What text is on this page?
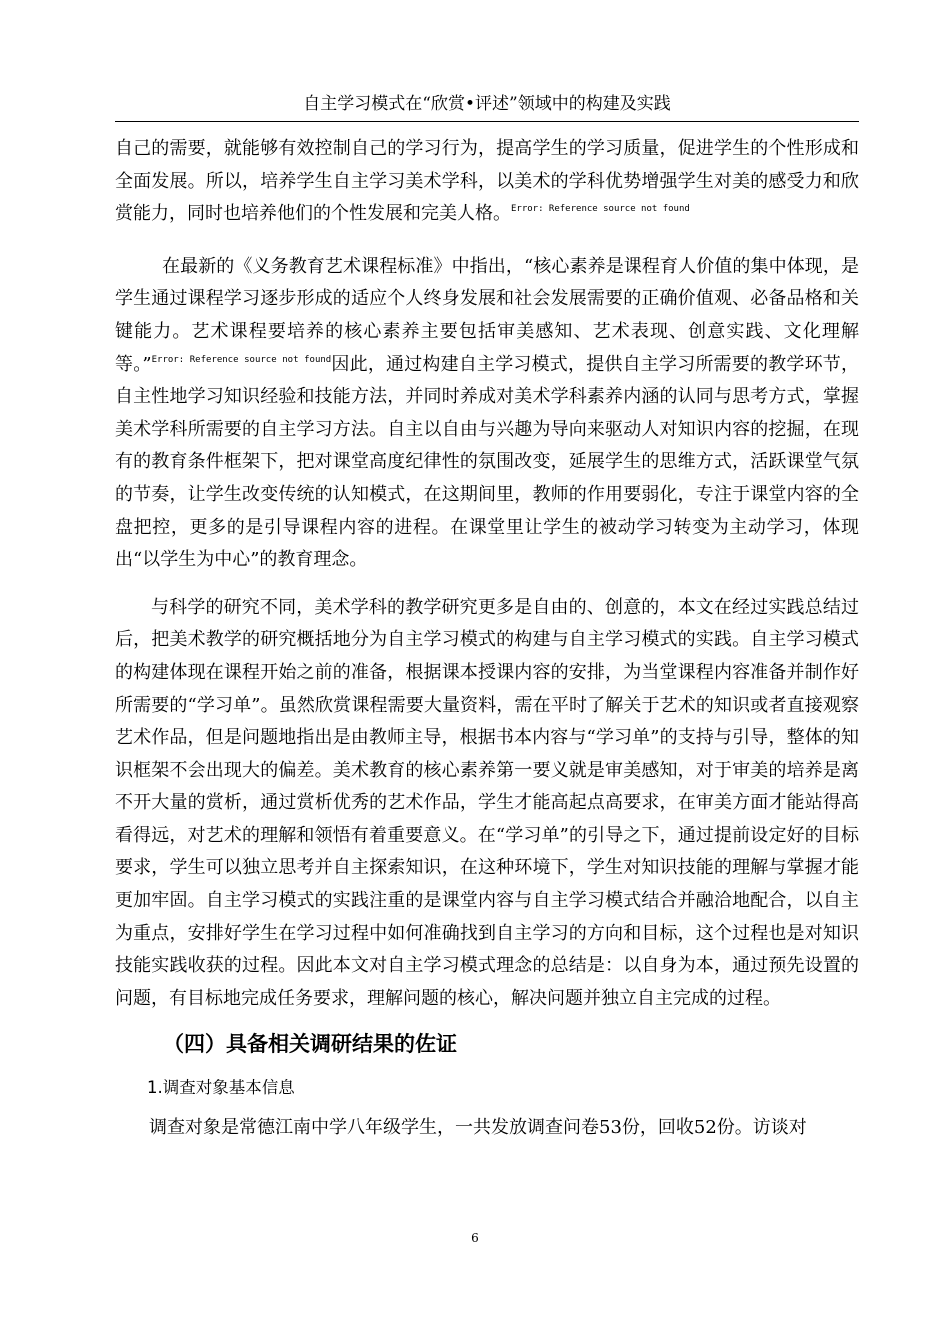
自主学习模式在“欣赏•评述”领域中的构建及实践

自己的需要，就能够有效控制自己的学习行为，提高学生的学习质量，促进学生的个性形成和全面发展。所以，培养学生自主学习美术学科，以美术的学科优势增强学生对美的感受力和欣赏能力，同时也培养他们的个性发展和完美人格。$^{Error: Reference source not found}$

在最新的《义务教育艺术课程标准》中指出，“核心素养是课程育人价值的集中体现，是学生通过课程学习逐步形成的适应个人终身发展和社会发展需要的正确价值观、必备品格和关键能力。艺术课程要培养的核心素养主要包括审美感知、艺术表现、创意实践、文化理解等。”$^{Error: Reference source not found}$因此，通过构建自主学习模式，提供自主学习所需要的教学环节，自主性地学习知识经验和技能方法，并同时养成对美术学科素养内涵的认同与思考方式，掌握美术学科所需要的自主学习方法。自主以自由与兴趣为导向来驱动人对知识内容的挖掘，在现有的教育条件框架下，把对课堂高度纪律性的氛围改变，延展学生的思维方式，活跃课堂气氛的节奏，让学生改变传统的认知模式，在这期间里，教师的作用要弱化，专注于课堂内容的全盘把控，更多的是引导课程内容的进程。在课堂里让学生的被动学习转变为主动学习，体现出“以学生为中心”的教育理念。

与科学的研究不同，美术学科的教学研究更多是自由的、创意的，本文在经过实践总结过后，把美术教学的研究概括地分为自主学习模式的构建与自主学习模式的实践。自主学习模式的构建体现在课程开始之前的准备，根据课本授课内容的安排，为当堂课程内容准备并制作好所需要的“学习单”。虽然欣赏课程需要大量资料，需在平时了解关于艺术的知识或者直接观察艺术作品，但是问题地指出是由教师主导，根据书本内容与“学习单”的支持与引导，整体的知识框架不会出现大的偏差。美术教育的核心素养第一要义就是审美感知，对于审美的培养是离不开大量的赏析，通过赏析优秀的艺术作品，学生才能高起点高要求，在审美方面才能站得高看得远，对艺术的理解和领悟有着重要意义。在“学习单”的引导之下，通过提前设定好的目标要求，学生可以独立思考并自主探索知识，在这种环境下，学生对知识技能的理解与掌握才能更加牢固。自主学习模式的实践注重的是课堂内容与自主学习模式结合并融洽地配合，以自主为重点，安排好学生在学习过程中如何准确找到自主学习的方向和目标，这个过程也是对知识技能实践收获的过程。因此本文对自主学习模式理念的总结是：以自身为本，通过预先设置的问题，有目标地完成任务要求，理解问题的核心，解决问题并独立自主完成的过程。

（四）具备相关调研结果的佐证
1.调查对象基本信息

调查对象是常德江南中学八年级学生，一共发放调查问卷53份，回收52份。访谈对

6
